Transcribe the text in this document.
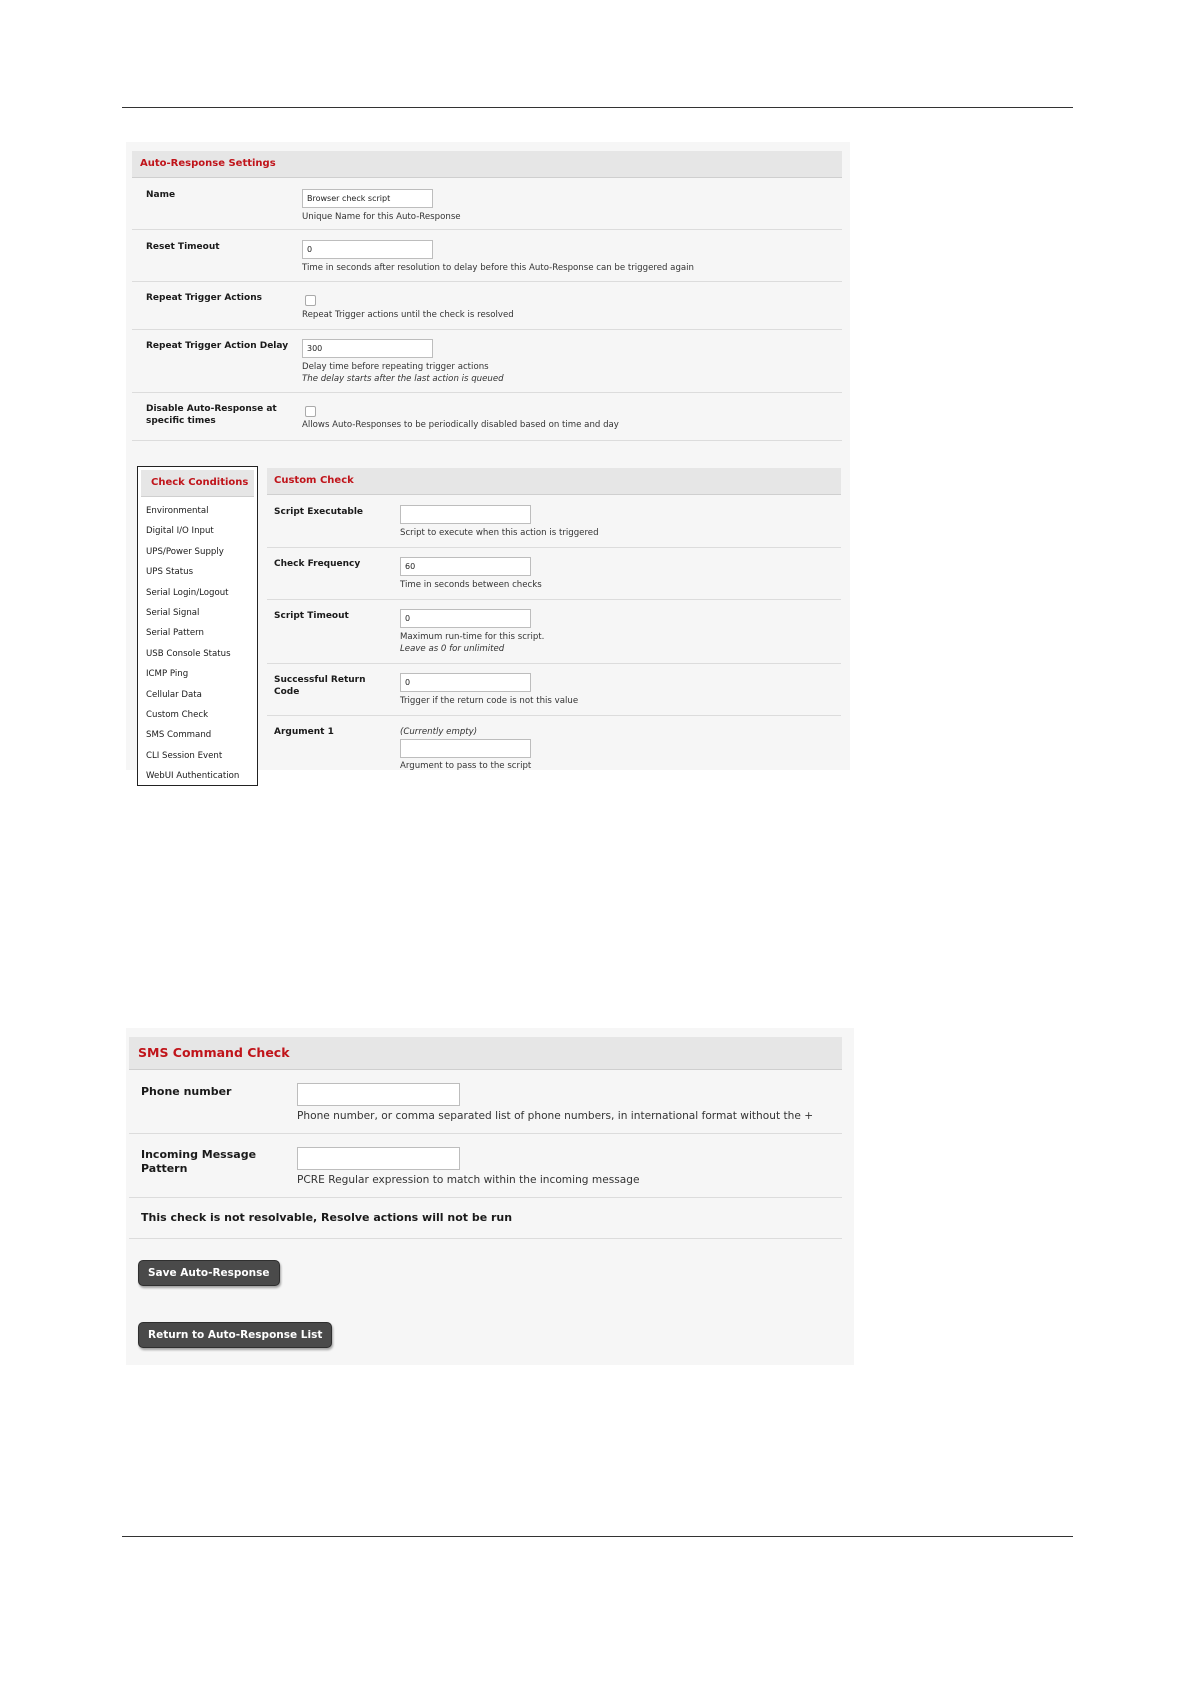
Auto-Response Settings
Name
Browser check script
Unique Name for this Auto-Response
Reset Timeout
0
Time in seconds after resolution to delay before this Auto-Response can be triggered again
Repeat Trigger Actions
Repeat Trigger actions until the check is resolved
Repeat Trigger Action Delay
300
Delay time before repeating trigger actions
The delay starts after the last action is queued
Disable Auto-Response at
specific times	Allows Auto-Responses to be periodically disabled based on time and day
Check Conditions
Environmental
Digital I/O Input
UPS/Power Supply
UPS Status
Serial Login/Logout
Serial Signal
Serial Pattern
USB Console Status
ICMP Ping
Cellular Data
Custom Check
SMS Command
CLI Session Event
WebUI Authentication
Custom Check
Script Executable
Script to execute when this action is triggered
Check Frequency
60
Time in seconds between checks
Script Timeout
0
Maximum run-time for this script.
Leave as 0 for unlimited
Successful Return
Code
0
Trigger if the return code is not this value
Argument 1	(Currently empty)
Argument to pass to the script
SMS Command Check
Phone number
Phone number, or comma separated list of phone numbers, in international format without the +
Incoming Message
Pattern
PCRE Regular expression to match within the incoming message
This check is not resolvable, Resolve actions will not be run
Save Auto-Response
Return to Auto-Response List
